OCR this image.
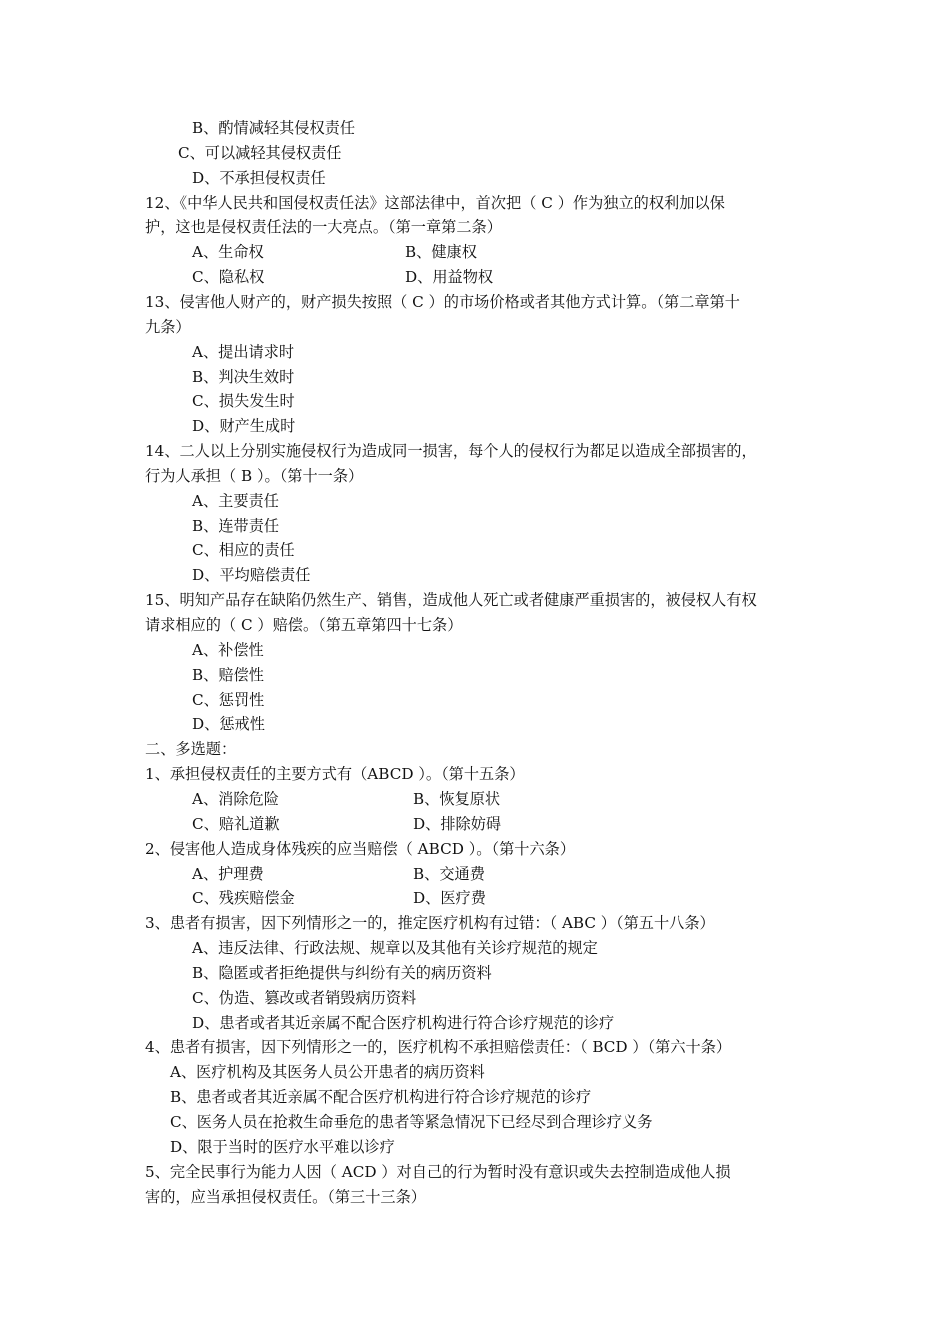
B、酌情减轻其侵权责任
C、可以减轻其侵权责任
D、不承担侵权责任
12、《中华人民共和国侵权责任法》这部法律中，首次把（ C ）作为独立的权利加以保
护，这也是侵权责任法的一大亮点。（第一章第二条）
A、生命权	B、健康权
C、隐私权	D、用益物权
13、侵害他人财产的，财产损失按照（ C ）的市场价格或者其他方式计算。（第二章第十
九条）
A、提出请求时
B、判决生效时
C、损失发生时
D、财产生成时
14、二人以上分别实施侵权行为造成同一损害，每个人的侵权行为都足以造成全部损害的，
行为人承担（ B ）。（第十一条）
A、主要责任
B、连带责任
C、相应的责任
D、平均赔偿责任
15、明知产品存在缺陷仍然生产、销售，造成他人死亡或者健康严重损害的，被侵权人有权
请求相应的（ C ）赔偿。（第五章第四十七条）
A、补偿性
B、赔偿性
C、惩罚性
D、惩戒性
二、多选题：
1、承担侵权责任的主要方式有（ABCD ）。（第十五条）
A、消除危险	B、恢复原状
C、赔礼道歉	D、排除妨碍
2、侵害他人造成身体残疾的应当赔偿（ ABCD ）。（第十六条）
A、护理费	B、交通费
C、残疾赔偿金	D、医疗费
3、患者有损害，因下列情形之一的，推定医疗机构有过错：（ ABC ）（第五十八条）
A、违反法律、行政法规、规章以及其他有关诊疗规范的规定
B、隐匿或者拒绝提供与纠纷有关的病历资料
C、伪造、篡改或者销毁病历资料
D、患者或者其近亲属不配合医疗机构进行符合诊疗规范的诊疗
4、患者有损害，因下列情形之一的，医疗机构不承担赔偿责任：（ BCD ）（第六十条）
A、医疗机构及其医务人员公开患者的病历资料
B、患者或者其近亲属不配合医疗机构进行符合诊疗规范的诊疗
C、医务人员在抢救生命垂危的患者等紧急情况下已经尽到合理诊疗义务
D、限于当时的医疗水平难以诊疗
5、完全民事行为能力人因（ ACD ）对自己的行为暂时没有意识或失去控制造成他人损
害的，应当承担侵权责任。（第三十三条）
